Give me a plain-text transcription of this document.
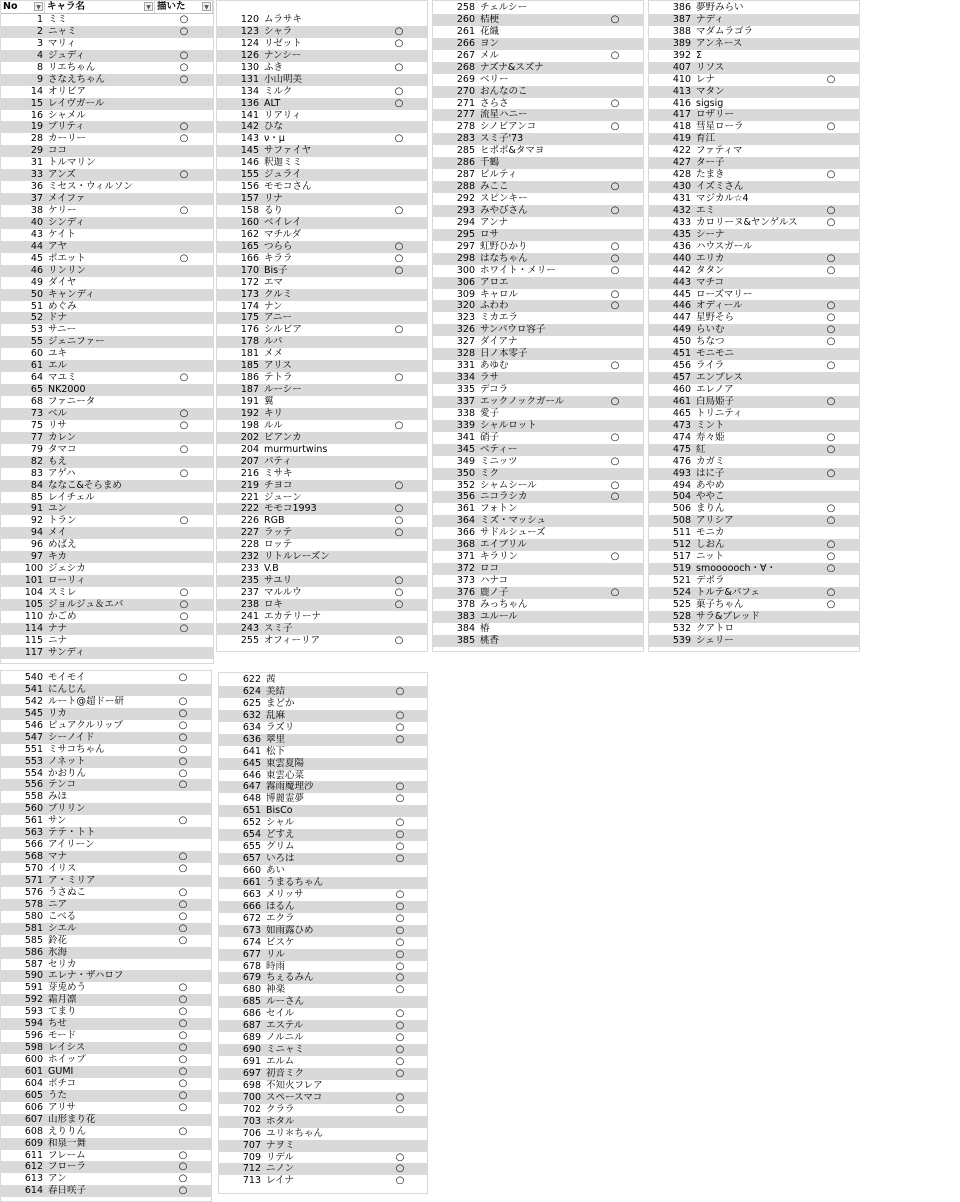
No	▼ キャラ名	▼ 描いた	▼
1 ミミ	○
2 ニャミ	○
3 マリィ
4 ジュディ	○
8 リエちゃん	○
9 さなえちゃん	○
14 オリビア
15 レイヴガール
16 シャメル
19 プリティ	○
28 カーリー	○
29 ココ
31 トルマリン
33 アンズ	○
36 ミセス・ウィルソン
37 メイファ
38 ケリー	○
40 シンディ
43 ケイト
44 アヤ
45 ポエット	○
46 リンリン
49 ダイヤ
50 キャンディ
51 めぐみ
52 ドナ
53 サニー
55 ジェニファー
60 ユキ
61 エル
64 マユミ	○
65 NK2000
68 ファニータ
73 ベル	○
75 リサ	○
77 カレン
79 タマコ	○
82 もえ
83 アゲハ	○
84 ななこ&そらまめ
85 レイチェル
91 ユン
92 トラン	○
94 メイ
96 めばえ
97 キカ
100 ジェシカ
101 ローリィ
104 スミレ	○
105 ジョルジュ＆エバ	○
110 かごめ	○
114 ナナ	○
115 ニナ
117 サンディ
120 ムラサキ
123 シャラ	○
124 リゼット	○
126 ナンシー
130 ふき	○
131 小山明美
134 ミルク	○
136 ALT	○
141 リアリィ
142 ひな
143 ν・μ	○
145 サファイヤ
146 釈迦ミミ
155 ジュライ
156 モモコさん
157 リナ
158 るり	○
160 ベイレイ
162 マチルダ
165 つらら	○
166 キララ	○
170 Bis子	○
172 エマ
173 クルミ
174 ナン
175 アニー
176 シルビア	○
178 ルパ
181 メメ
185 アリス
186 テトラ	○
187 ルーシー
191 翼
192 キリ
198 ルル	○
202 ビアンカ
204 murmurtwins
207 パティ
216 ミサキ
219 チヨコ	○
221 ジューン
222 モモコ1993	○
226 RGB	○
227 ラッテ	○
228 ロッテ
232 リトルレーズン
233 V.B
235 サユリ	○
237 マルルウ	○
238 ロキ	○
241 エカテリーナ
243 スミ子
255 オフィーリア	○
258 チェルシー
260 桔梗	○
261 花織
266 ヨン
267 メル	○
268 ナズナ&スズナ
269 ベリー
270 おんなのこ
271 さらさ	○
277 流星ハニー
278 シノビアンコ	○
283 スミ子'73
285 ヒポポ&タマヨ
286 千鶴
287 ビルティ
288 みここ	○
292 スピンキー
293 みやびさん	○
294 アンナ
295 ロサ
297 虹野ひかり	○
298 はなちゃん	○
300 ホワイト・メリー	○
306 アロエ
309 キャロル	○
320 ふわわ	○
323 ミカエラ
326 サンパウロ容子
327 ダイアナ
328 日ノ本零子
331 あゆむ	○
334 ラサ
335 デコラ
337 エックノックガール	○
338 愛子
339 シャルロット
341 硝子	○
345 ベティー
349 ミニッツ	○
350 ミク
352 シャムシール	○
356 ニコラシカ	○
361 フォトン
364 ミズ・マッシュ
366 サドルシューズ
368 エイプリル
371 キラリン	○
372 ロコ
373 ハナコ
376 鹿ノ子	○
378 みっちゃん
383 ユルール
384 椿
385 桃香
386 夢野みらい
387 ナディ
388 マダムラゴラ
389 アンネース
392 Σ
407 リソス
410 レナ	○
413 マタン
416 sigsig
417 ロザリー
418 彗星ローラ	○
419 育江
422 ファティマ
427 ター子
428 たまき	○
430 イズミさん
431 マジカル☆4
432 エミ	○
433 カロリーヌ&ヤンゲルス	○
435 シーナ
436 ハウスガール
440 エリカ	○
442 タタン	○
443 マチコ
445 ローズマリー
446 オディール	○
447 星野そら	○
449 らいむ	○
450 ちなつ	○
451 モニモニ
456 ライラ	○
457 エンプレス
460 エレノア
461 白鳥姫子	○
465 トリニティ
473 ミント
474 寿々姫	○
475 紅	○
476 カガミ
493 はに子	○
494 あやめ
504 ややこ
506 まりん	○
508 アリシア	○
511 モニカ
512 しおん	○
517 ニット	○
519 smoooooch・∀・	○
521 デボラ
524 トルテ&パフェ	○
525 菓子ちゃん	○
528 サラ&ブレッド
532 クアトロ
539 シェリー
540 モイモイ	○
541 にんじん
542 ルート@超ドー研	○
545 リカ	○
546 ピュアクルリップ	○
547 シーノイド	○
551 ミサコちゃん	○
553 ノネット	○
554 かおりん	○
556 テンコ	○
558 みほ
560 プリリン
561 サン	○
563 テテ・トト
566 アイリーン
568 マナ	○
570 イリス	○
571 ア・ミリア
576 うさぬこ	○
578 ニア	○
580 こべる	○
581 シエル	○
585 鈴花	○
586 氷海
587 セリカ
590 エレナ・ザハロフ
591 芽兎めう	○
592 霜月凛	○
593 てまり	○
594 ちせ	○
596 モード	○
598 レイシス	○
600 ホイップ	○
601 GUMI	○
604 ポチコ	○
605 うた	○
606 アリサ	○
607 山形まり花
608 えりりん	○
609 和泉一舞
611 フレーム	○
612 フローラ	○
613 アン	○
614 春日咲子	○
622 茜
624 美結	○
625 まどか
632 乱麻	○
634 ラズリ	○
636 翠里	○
641 松下
645 東雲夏陽
646 東雲心菜
647 霧雨魔理沙	○
648 博麗霊夢	○
651 BisCo
652 シャル	○
654 どすえ	○
655 グリム	○
657 いろは	○
660 あい
661 うまるちゃん
663 メリッサ	○
666 ほるん	○
672 エクラ	○
673 如雨露ひめ	○
674 ビスケ	○
677 リル	○
678 時雨	○
679 ちぇるみん	○
680 神楽	○
685 ルーさん
686 セイル	○
687 エステル	○
689 ノルニル	○
690 ミニャミ	○
691 エルム	○
697 初音ミク	○
698 不知火フレア
700 スペースマコ	○
702 クララ	○
703 ホタル
706 ユリ＊ちゃん
707 ナヲミ
709 リデル	○
712 ニノン	○
713 レイナ	○
